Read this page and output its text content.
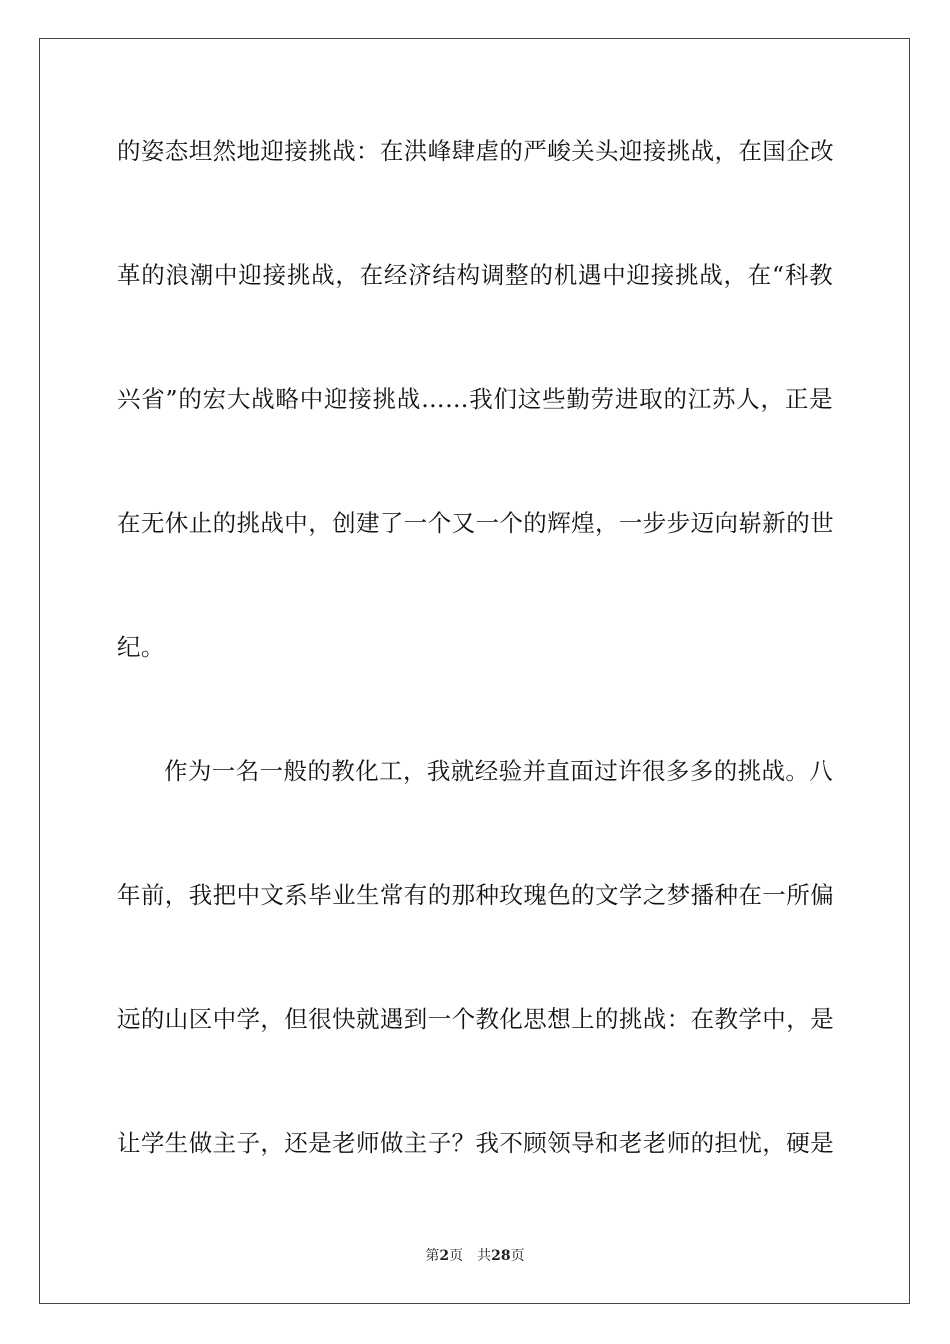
的姿态坦然地迎接挑战：在洪峰肆虐的严峻关头迎接挑战，在国企改
革的浪潮中迎接挑战，在经济结构调整的机遇中迎接挑战，在“科教
兴省”的宏大战略中迎接挑战……我们这些勤劳进取的江苏人，正是
在无休止的挑战中，创建了一个又一个的辉煌，一步步迈向崭新的世
纪。
作为一名一般的教化工，我就经验并直面过许很多多的挑战。八
年前，我把中文系毕业生常有的那种玫瑰色的文学之梦播种在一所偏
远的山区中学，但很快就遇到一个教化思想上的挑战：在教学中，是
让学生做主子，还是老师做主子？我不顾领导和老老师的担忧，硬是
第2页 共28页
